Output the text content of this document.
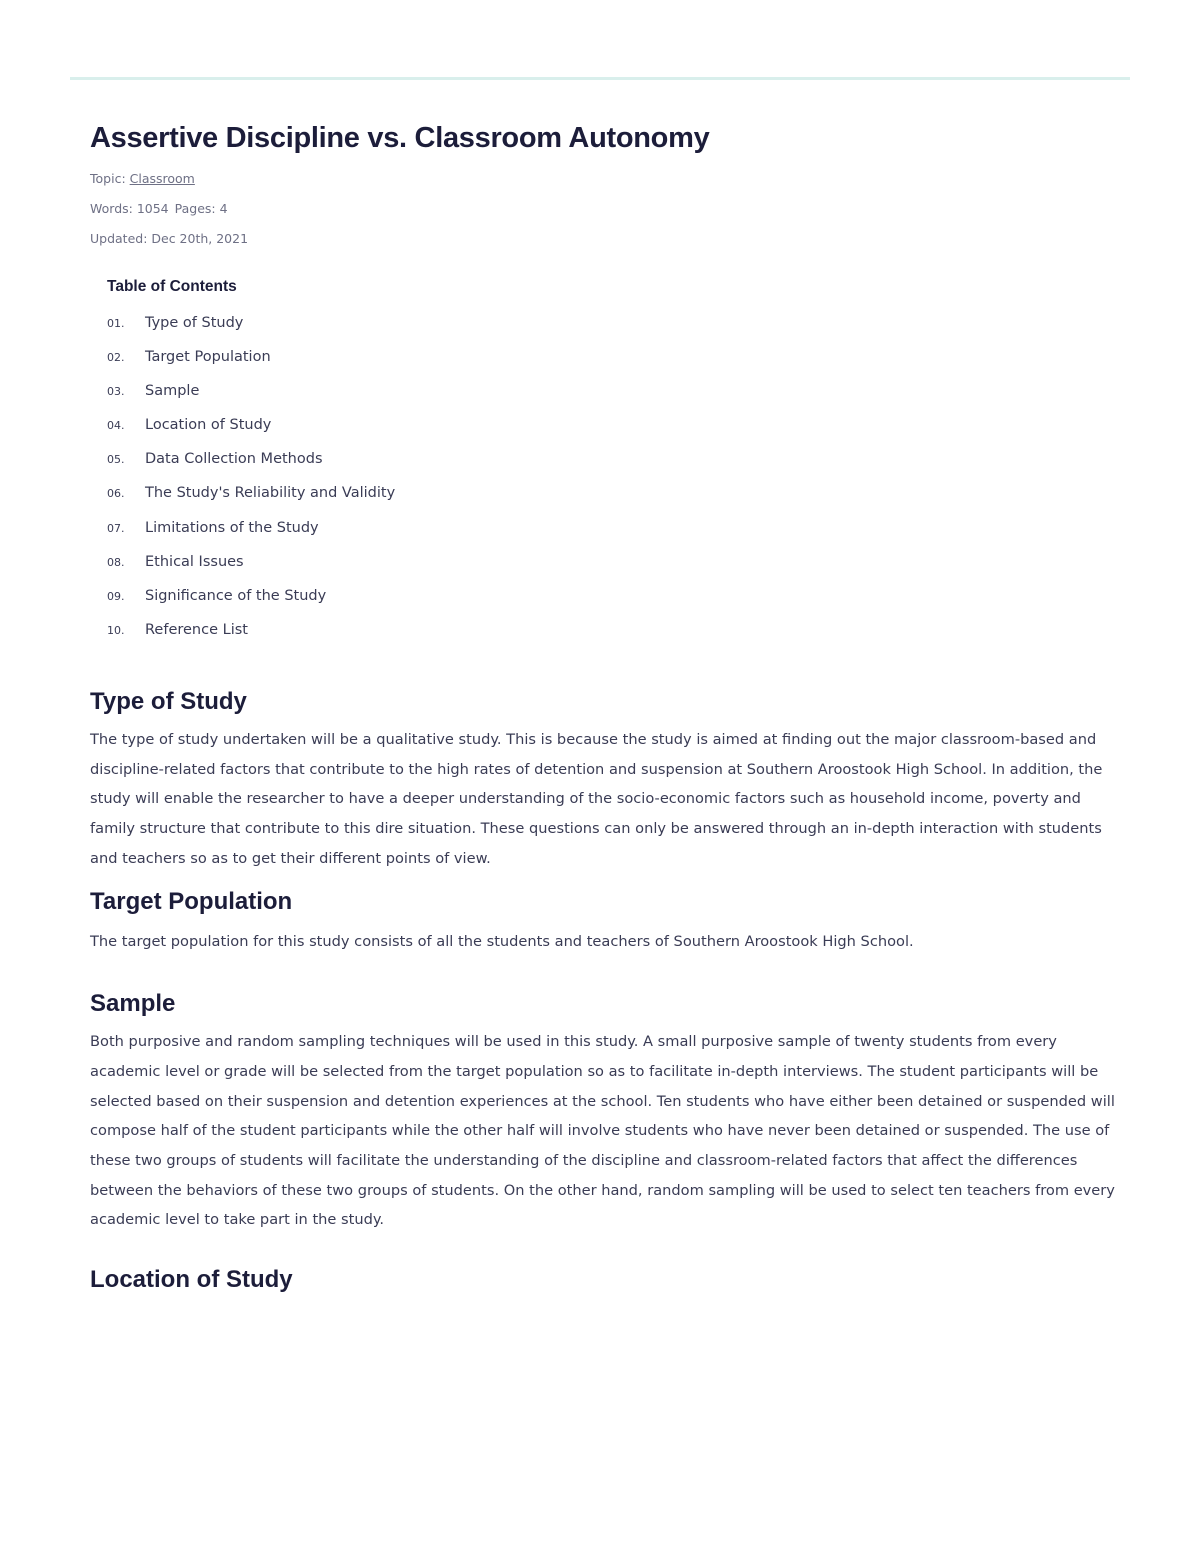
Assertive Discipline vs. Classroom Autonomy
Topic: Classroom
Words: 1054 Pages: 4
Updated: Dec 20th, 2021
Table of Contents
01.	Type of Study
02.	Target Population
03.	Sample
04.	Location of Study
05.	Data Collection Methods
06.	The Study's Reliability and Validity
07.	Limitations of the Study
08.	Ethical Issues
09.	Significance of the Study
10.	Reference List
Type of Study

The type of study undertaken will be a qualitative study. This is because the study is aimed at finding out the major classroom-based and discipline-related factors that contribute to the high rates of detention and suspension at Southern Aroostook High School. In addition, the study will enable the researcher to have a deeper understanding of the socio-economic factors such as household income, poverty and family structure that contribute to this dire situation. These questions can only be answered through an in-depth interaction with students and teachers so as to get their different points of view.

Target Population

The target population for this study consists of all the students and teachers of Southern Aroostook High School.

Sample

Both purposive and random sampling techniques will be used in this study. A small purposive sample of twenty students from every academic level or grade will be selected from the target population so as to facilitate in-depth interviews. The student participants will be selected based on their suspension and detention experiences at the school. Ten students who have either been detained or suspended will compose half of the student participants while the other half will involve students who have never been detained or suspended. The use of these two groups of students will facilitate the understanding of the discipline and classroom-related factors that affect the differences between the behaviors of these two groups of students. On the other hand, random sampling will be used to select ten teachers from every academic level to take part in the study.

Location of Study
